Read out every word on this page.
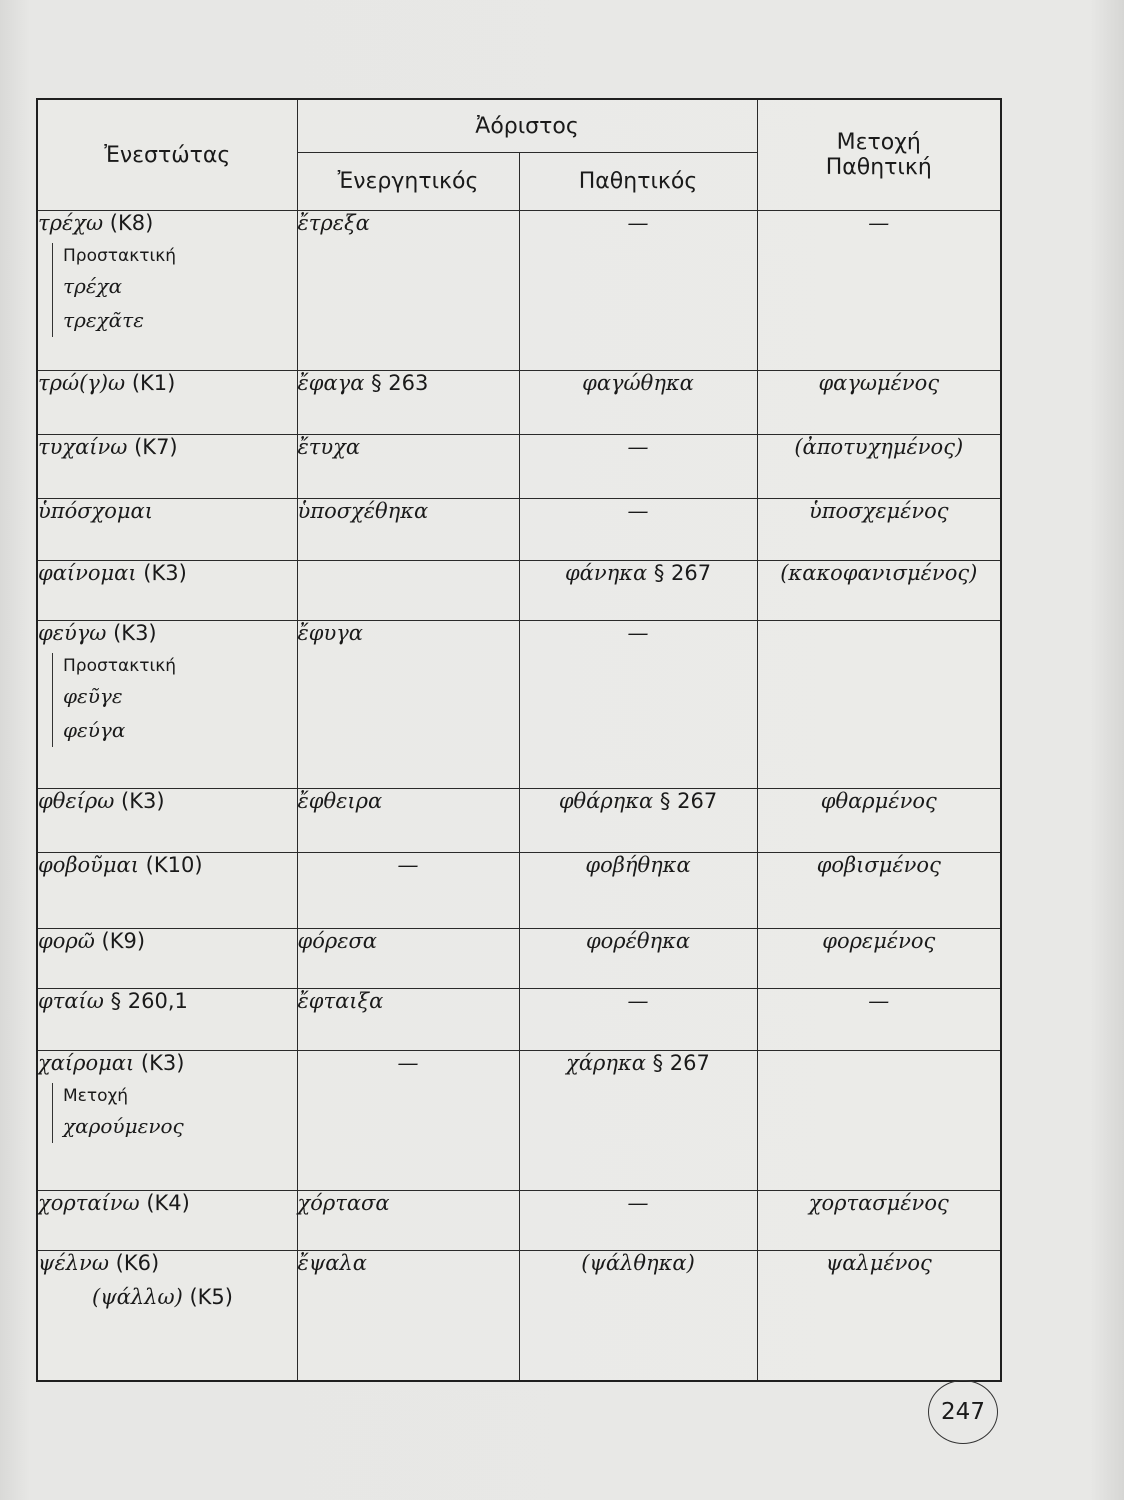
Ἐνεστώτας	Ἀόριστος		Μετοχή
Παθητική
	Ἐνεργητικός	Παθητικός	
τρέχω (Κ8)
Προστακτική
τρέχα
τρεχᾶτε	ἔτρεξα	—	—
τρώ(γ)ω (Κ1)	ἔφαγα § 263	φαγώθηκα	φαγωμένος
τυχαίνω (Κ7)	ἔτυχα	—	(ἀποτυχημένος)
ὑπόσχομαι	ὑποσχέθηκα	—	ὑποσχεμένος
φαίνομαι (Κ3)		φάνηκα § 267	(κακοφανισμένος)
φεύγω (Κ3)
Προστακτική
φεῦγε
φεύγα	ἔφυγα	—	
φθείρω (Κ3)	ἔφθειρα	φθάρηκα § 267	φθαρμένος
φοβοῦμαι (Κ10)	—	φοβήθηκα	φοβισμένος
φορῶ (Κ9)	φόρεσα	φορέθηκα	φορεμένος
φταίω § 260,1	ἔφταιξα	—	—
χαίρομαι (Κ3)
Μετοχή
χαρούμενος	—	χάρηκα § 267	
χορταίνω (Κ4)	χόρτασα	—	χορτασμένος
ψέλνω (Κ6)
(ψάλλω) (Κ5)	ἔψαλα	(ψάλθηκα)	ψαλμένος
247
